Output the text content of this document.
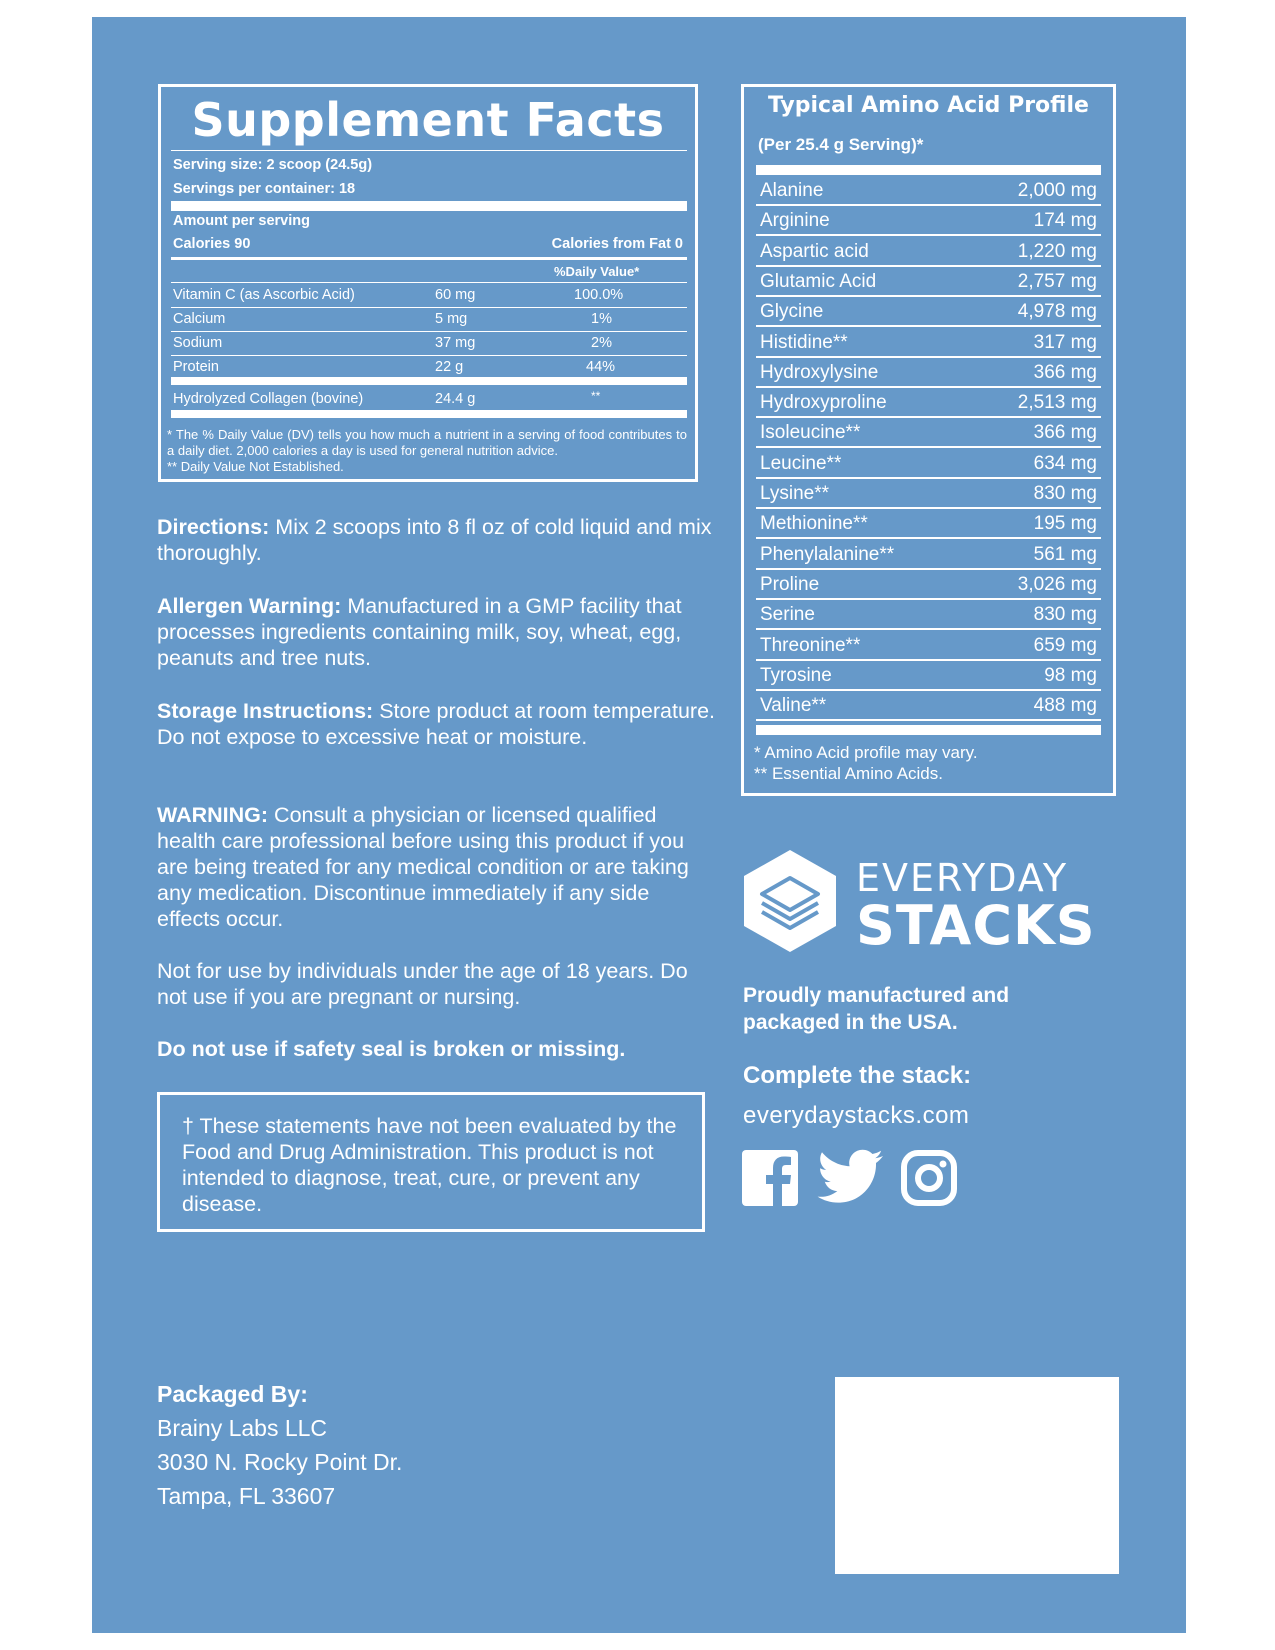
Supplement Facts
Serving size: 2 scoop (24.5g)
Servings per container: 18
Amount per serving
Calories 90	Calories from Fat 0
%Daily Value*
Vitamin C (as Ascorbic Acid)	60 mg	100.0%
Calcium	5 mg	1%
Sodium	37 mg	2%
Protein	22 g	44%
Hydrolyzed Collagen (bovine)	24.4 g	**
* The % Daily Value (DV) tells you how much a nutrient in a serving of food contributes to a daily diet. 2,000 calories a day is used for general nutrition advice.
** Daily Value Not Established.
Typical Amino Acid Profile
(Per 25.4 g Serving)*
Alanine	2,000 mg
Arginine	174 mg
Aspartic acid	1,220 mg
Glutamic Acid	2,757 mg
Glycine	4,978 mg
Histidine**	317 mg
Hydroxylysine	366 mg
Hydroxyproline	2,513 mg
Isoleucine**	366 mg
Leucine**	634 mg
Lysine**	830 mg
Methionine**	195 mg
Phenylalanine**	561 mg
Proline	3,026 mg
Serine	830 mg
Threonine**	659 mg
Tyrosine	98 mg
Valine**	488 mg
* Amino Acid profile may vary.
** Essential Amino Acids.
Directions: Mix 2 scoops into 8 fl oz of cold liquid and mix thoroughly.
Allergen Warning: Manufactured in a GMP facility that processes ingredients containing milk, soy, wheat, egg, peanuts and tree nuts.
Storage Instructions: Store product at room temperature. Do not expose to excessive heat or moisture.
WARNING: Consult a physician or licensed qualified health care professional before using this product if you are being treated for any medical condition or are taking any medication. Discontinue immediately if any side effects occur.
Not for use by individuals under the age of 18 years. Do not use if you are pregnant or nursing.
Do not use if safety seal is broken or missing.
† These statements have not been evaluated by the Food and Drug Administration. This product is not intended to diagnose, treat, cure, or prevent any disease.
Packaged By:
Brainy Labs LLC
3030 N. Rocky Point Dr.
Tampa, FL 33607
EVERYDAY
STACKS
Proudly manufactured and packaged in the USA.
Complete the stack:
everydaystacks.com
